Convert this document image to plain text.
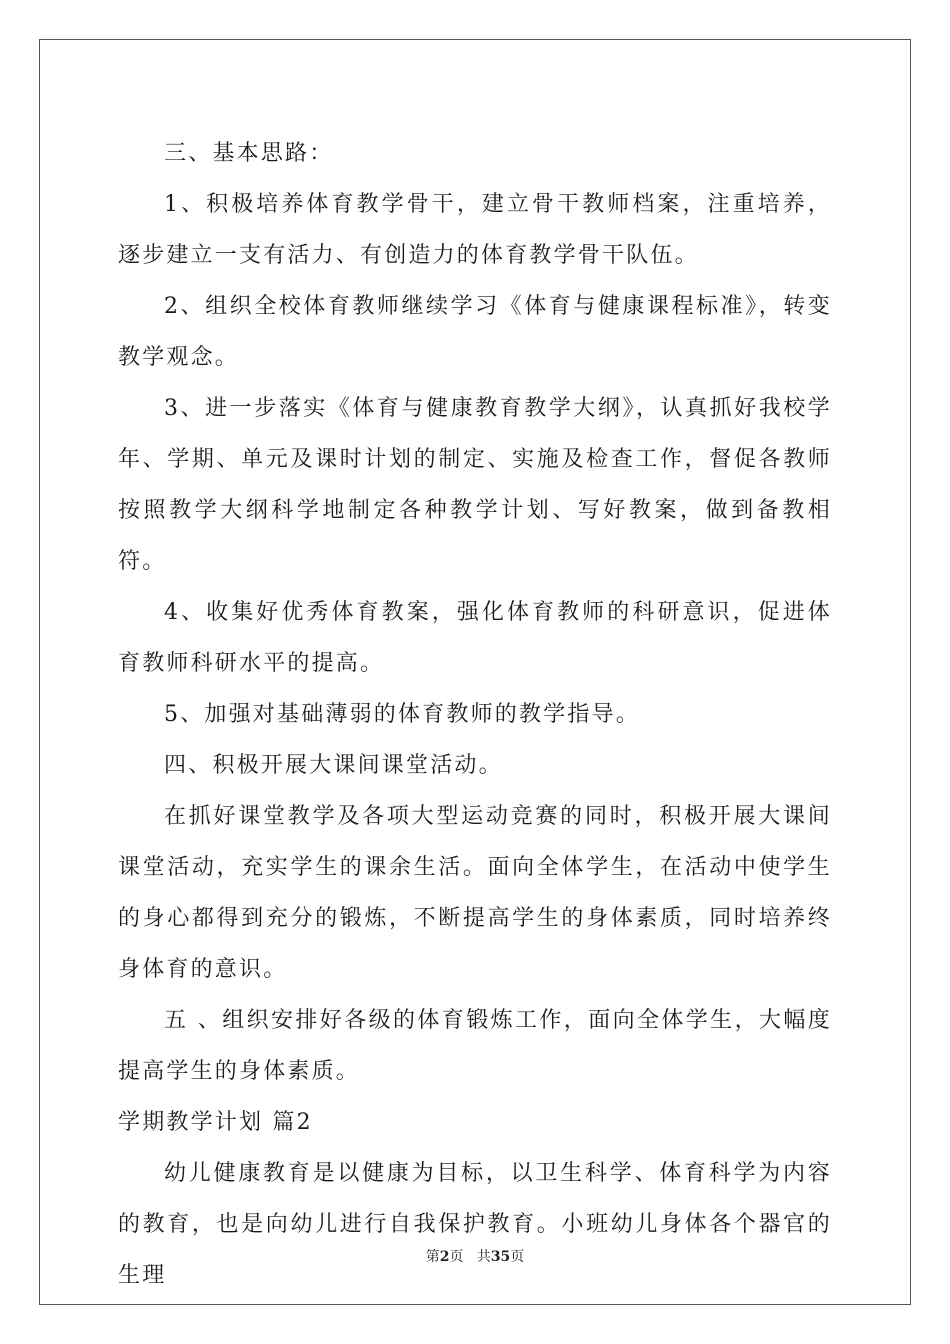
三、基本思路：

1、积极培养体育教学骨干，建立骨干教师档案，注重培养，逐步建立一支有活力、有创造力的体育教学骨干队伍。

2、组织全校体育教师继续学习《体育与健康课程标准》，转变教学观念。

3、进一步落实《体育与健康教育教学大纲》，认真抓好我校学年、学期、单元及课时计划的制定、实施及检查工作，督促各教师按照教学大纲科学地制定各种教学计划、写好教案，做到备教相符。

4、收集好优秀体育教案，强化体育教师的科研意识，促进体育教师科研水平的提高。

5、加强对基础薄弱的体育教师的教学指导。

四、积极开展大课间课堂活动。

在抓好课堂教学及各项大型运动竞赛的同时，积极开展大课间课堂活动，充实学生的课余生活。面向全体学生，在活动中使学生的身心都得到充分的锻炼，不断提高学生的身体素质，同时培养终身体育的意识。

五 、组织安排好各级的体育锻炼工作，面向全体学生，大幅度提高学生的身体素质。

学期教学计划 篇2

幼儿健康教育是以健康为目标，以卫生科学、体育科学为内容的教育，也是向幼儿进行自我保护教育。小班幼儿身体各个器官的生理

第2页 共35页
